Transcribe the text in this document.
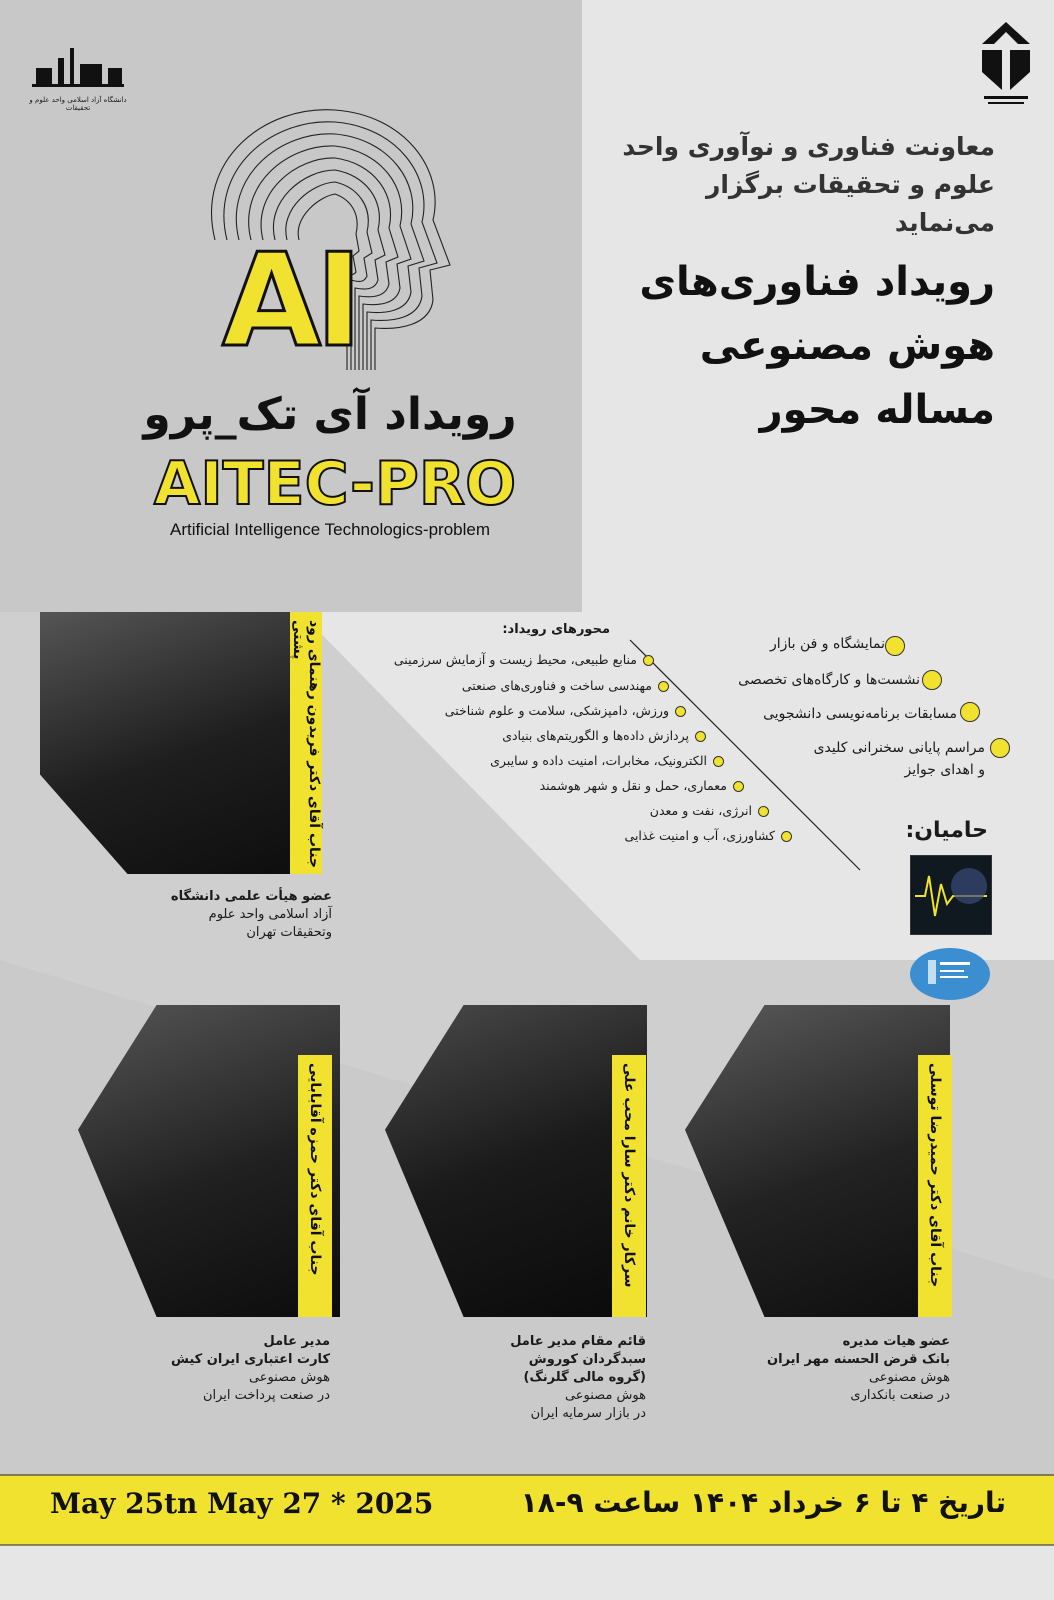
دانشگاه آزاد اسلامی واحد علوم و تحقیقات
AI
رویداد آی تک_پرو
AITEC-PRO
Artificial Intelligence Technologics-problem
معاونت فناوری و نوآوری واحد
علوم و تحقیقات برگزار می‌نماید
رویداد فناوری‌های
هوش مصنوعی
مساله محور
نمایشگاه و فن بازار
نشست‌ها و کارگاه‌های تخصصی
مسابقات برنامه‌نویسی دانشجویی
مراسم پایانی سخنرانی کلیدی
و اهدای جوایز
محورهای رویداد:
منابع طبیعی، محیط زیست و آزمایش سرزمینی
مهندسی ساخت و فناوری‌های صنعتی
ورزش، دامپزشکی، سلامت و علوم شناختی
پردازش داده‌ها و الگوریتم‌های بنیادی
الکترونیک، مخابرات، امنیت داده و سایبری
معماری، حمل و نقل و شهر هوشمند
انرژی، نفت و معدن
کشاورزی، آب و امنیت غذایی	حامیان:
جناب آقای دکتر فریدون رهنمای رود پشتی
عضو هیأت علمی دانشگاه
آزاد اسلامی واحد علوم
وتحقیقات تهران
جناب آقای دکتر حمیدرضا توسلی
عضو هیات مدیره
بانک قرض الحسنه مهر ایران
هوش مصنوعی
در صنعت بانکداری
سرکار خانم دکتر سارا محب علی
قائم مقام مدیر عامل
سبدگردان کوروش
(گروه مالی گلرنگ)
هوش مصنوعی
در بازار سرمایه ایران
جناب آقای دکتر حمزه آقابابایی
مدیر عامل
کارت اعتباری ایران کیش
هوش مصنوعی
در صنعت پرداخت ایران
May 25tn May 27 * 2025	تاریخ ۴ تا ۶ خرداد ۱۴۰۴ ساعت ۹-۱۸
